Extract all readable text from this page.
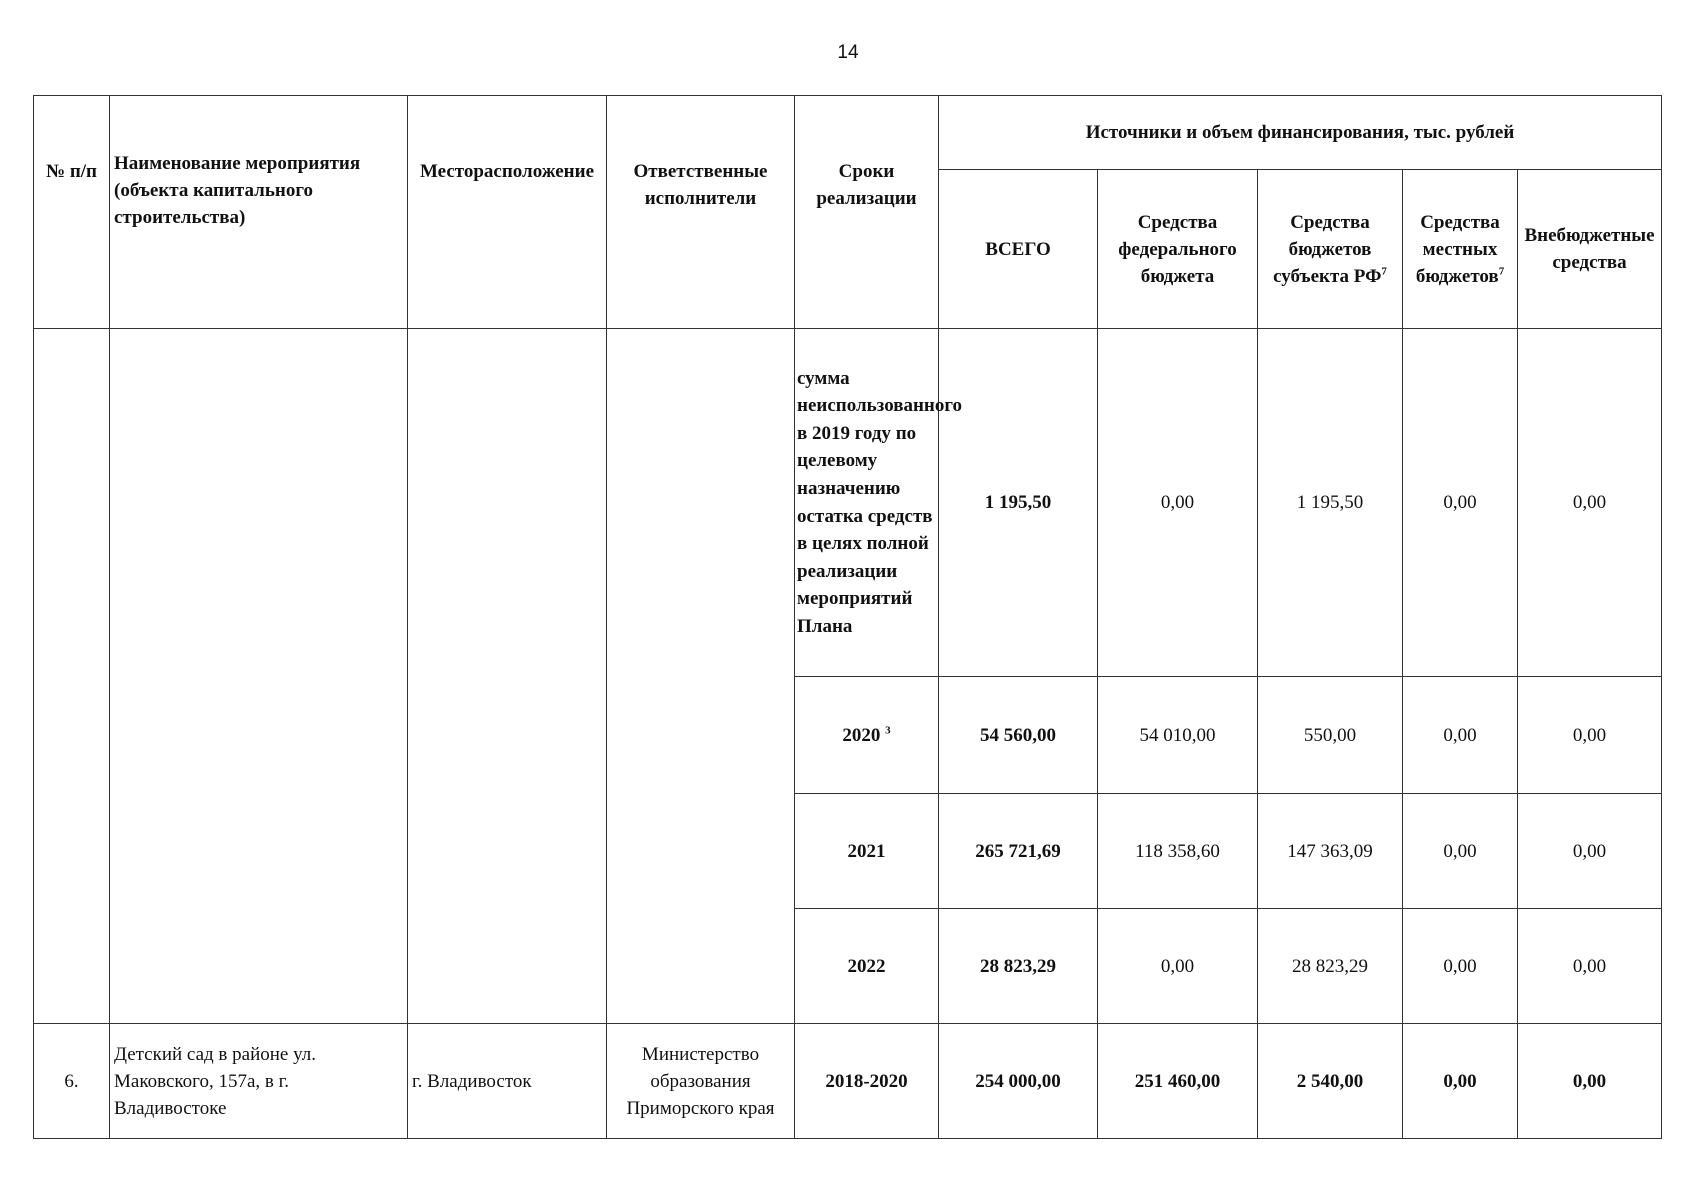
14
№ п/п	Наименование мероприятия (объекта капитального строительства)	Месторасположение	Ответственные исполнители	Сроки реализации	Источники и объем финансирования, тыс. рублей				
					ВСЕГО	Средства федерального бюджета	Средства бюджетов субъекта $РФ^7$	Средства местных бюджетов$^7$	Внебюджетные средства
				сумма неиспользованного в 2019 году по целевому назначению остатка средств в целях полной реализации мероприятий Плана	1 195,50	0,00	1 195,50	0,00	0,00
				2020 $^3$	54 560,00	54 010,00	550,00	0,00	0,00
				2021	265 721,69	118 358,60	147 363,09	0,00	0,00
				2022	28 823,29	0,00	28 823,29	0,00	0,00
6.	Детский сад в районе ул. Маковского, 157а, в г. Владивостоке	г. Владивосток	Министерство образования Приморского края	2018-2020	254 000,00	251 460,00	2 540,00	0,00	0,00
